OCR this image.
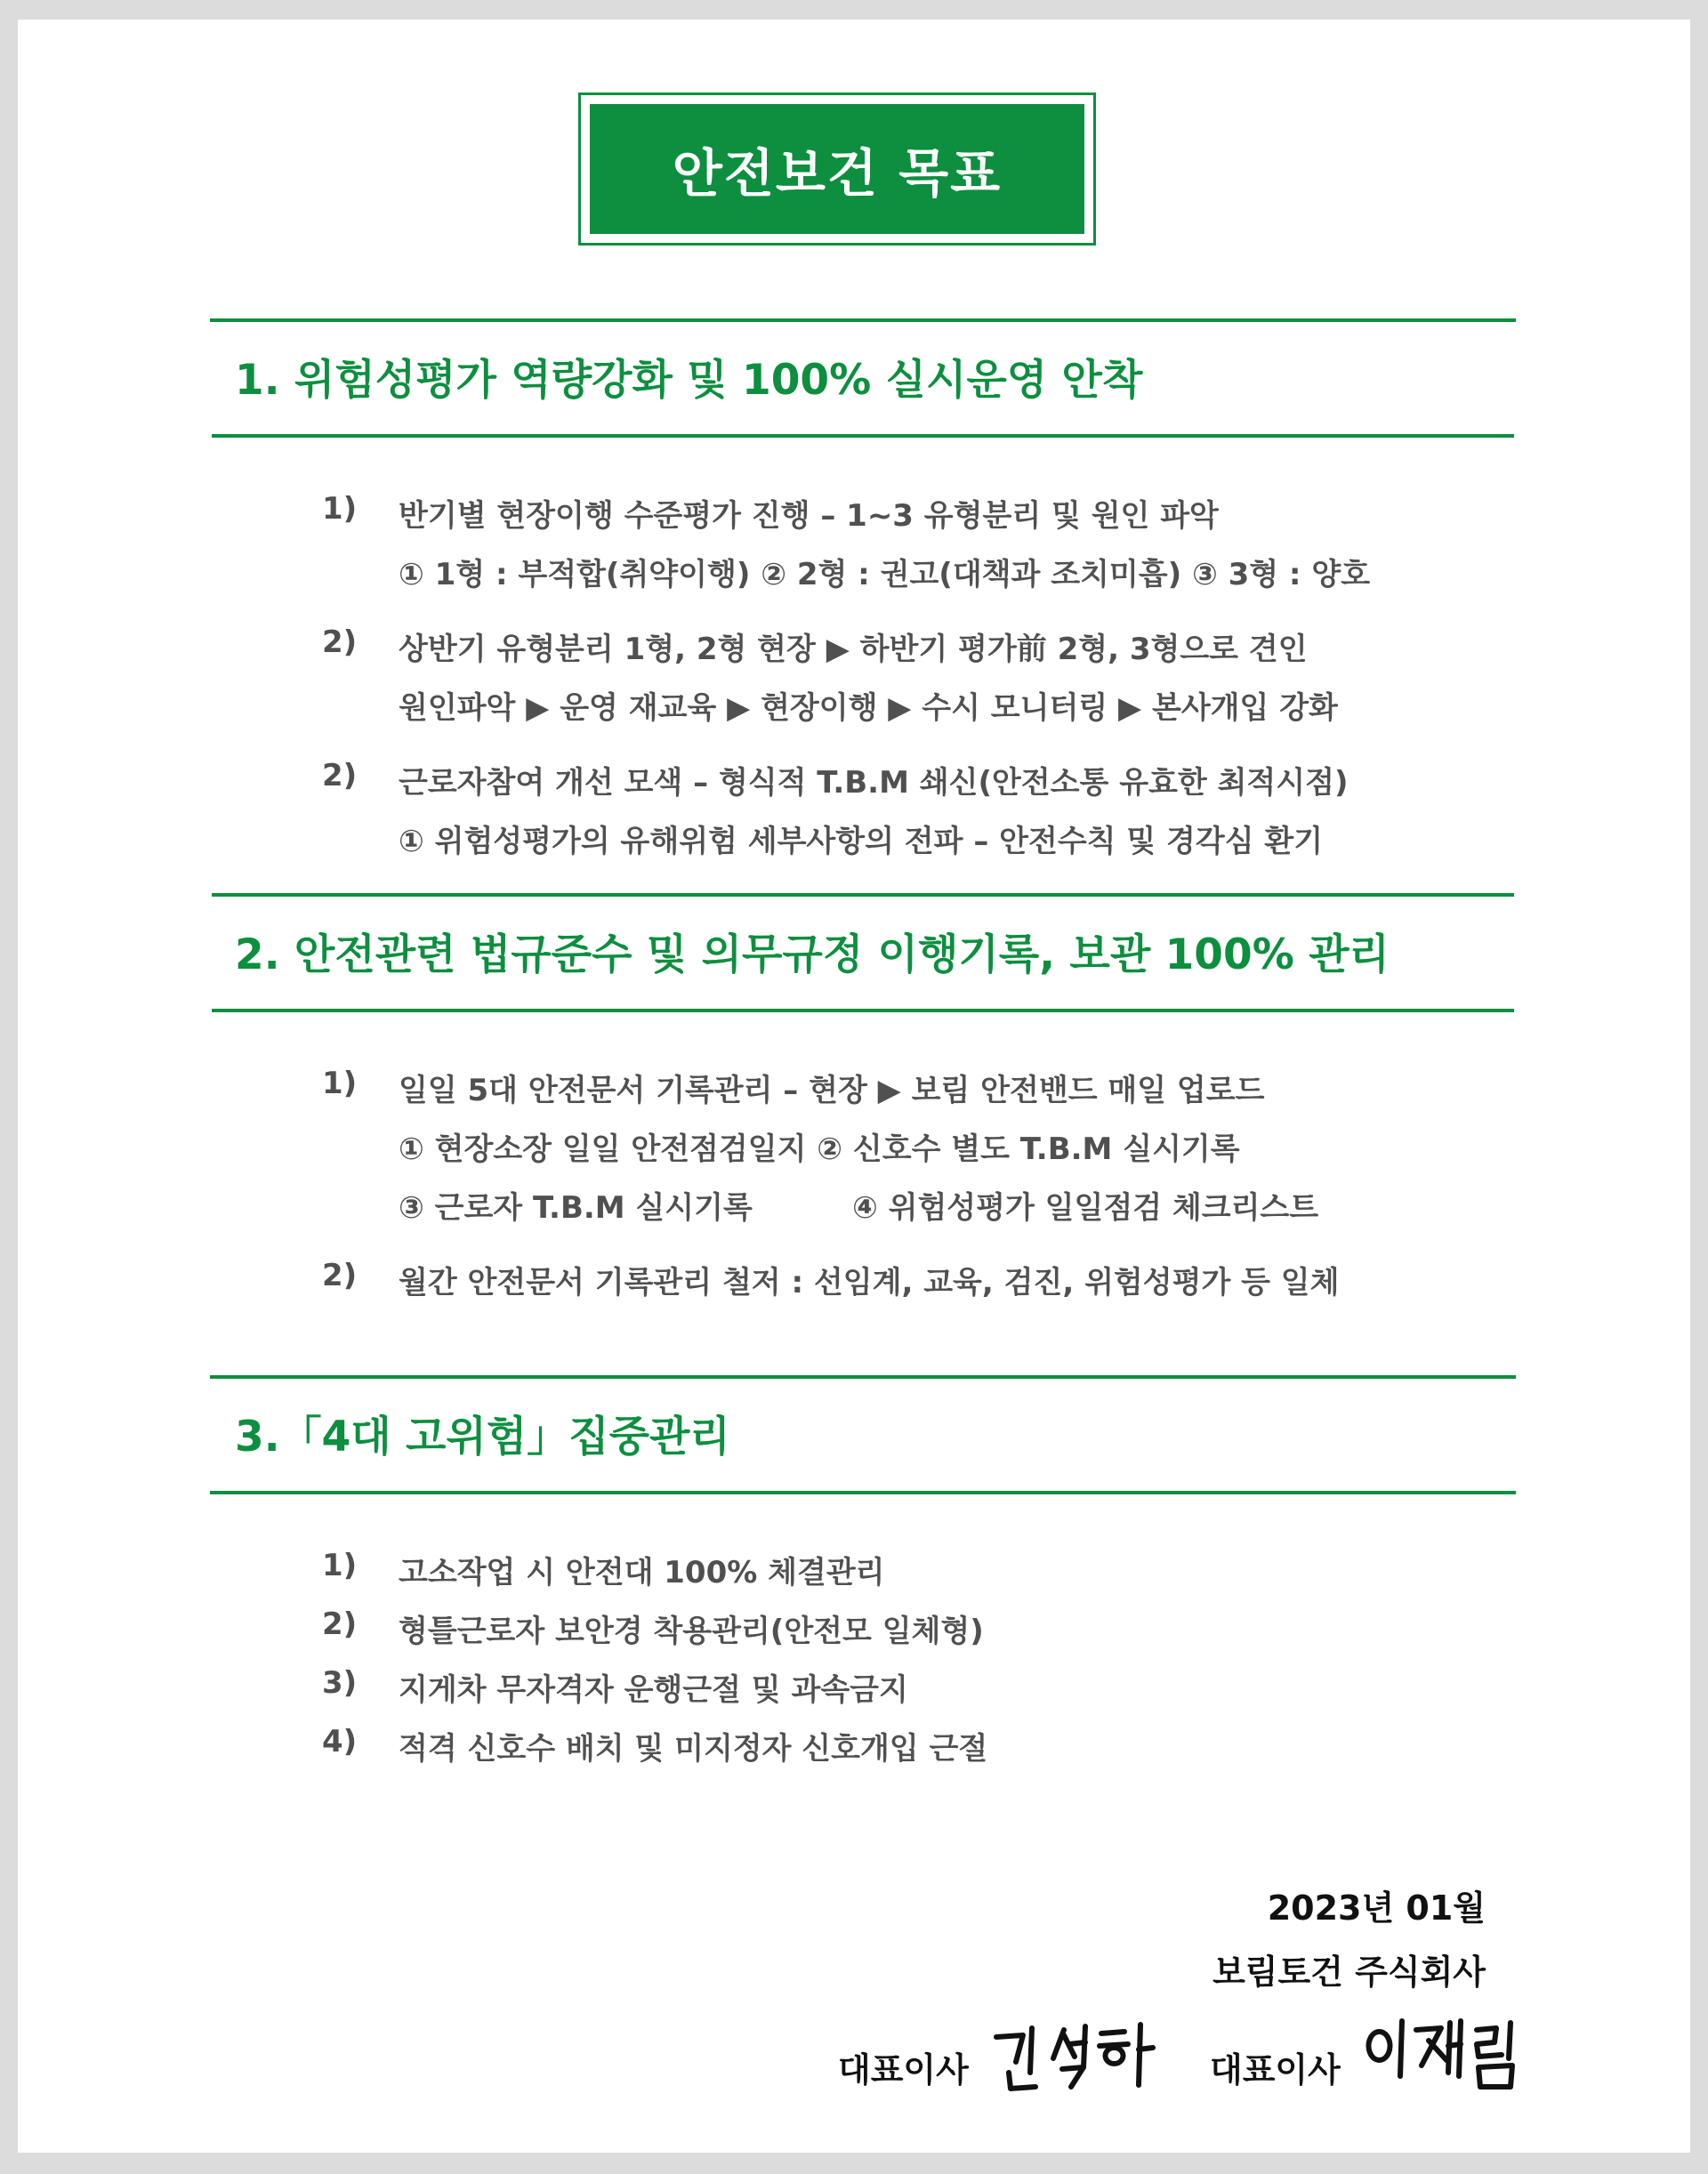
안전보건 목표
1. 위험성평가 역량강화 및 100% 실시운영 안착
1) 반기별 현장이행 수준평가 진행 – 1~3 유형분리 및 원인 파악
① 1형 : 부적합(취약이행) ② 2형 : 권고(대책과 조치미흡) ③ 3형 : 양호
2) 상반기 유형분리 1형, 2형 현장 ▶ 하반기 평가前 2형, 3형으로 견인
원인파악 ▶ 운영 재교육 ▶ 현장이행 ▶ 수시 모니터링 ▶ 본사개입 강화
2) 근로자참여 개선 모색 – 형식적 T.B.M 쇄신(안전소통 유효한 최적시점)
① 위험성평가의 유해위험 세부사항의 전파 – 안전수칙 및 경각심 환기
2. 안전관련 법규준수 및 의무규정 이행기록, 보관 100% 관리
1) 일일 5대 안전문서 기록관리 – 현장 ▶ 보림 안전밴드 매일 업로드
① 현장소장 일일 안전점검일지 ② 신호수 별도 T.B.M 실시기록
③ 근로자 T.B.M 실시기록	④ 위험성평가 일일점검 체크리스트
2) 월간 안전문서 기록관리 철저 : 선임계, 교육, 검진, 위험성평가 등 일체
3.「4대 고위험」집중관리
1) 고소작업 시 안전대 100% 체결관리
2) 형틀근로자 보안경 착용관리(안전모 일체형)
3) 지게차 무자격자 운행근절 및 과속금지
4) 적격 신호수 배치 및 미지정자 신호개입 근절
2023년 01월
보림토건 주식회사
대표이사	대표이사
